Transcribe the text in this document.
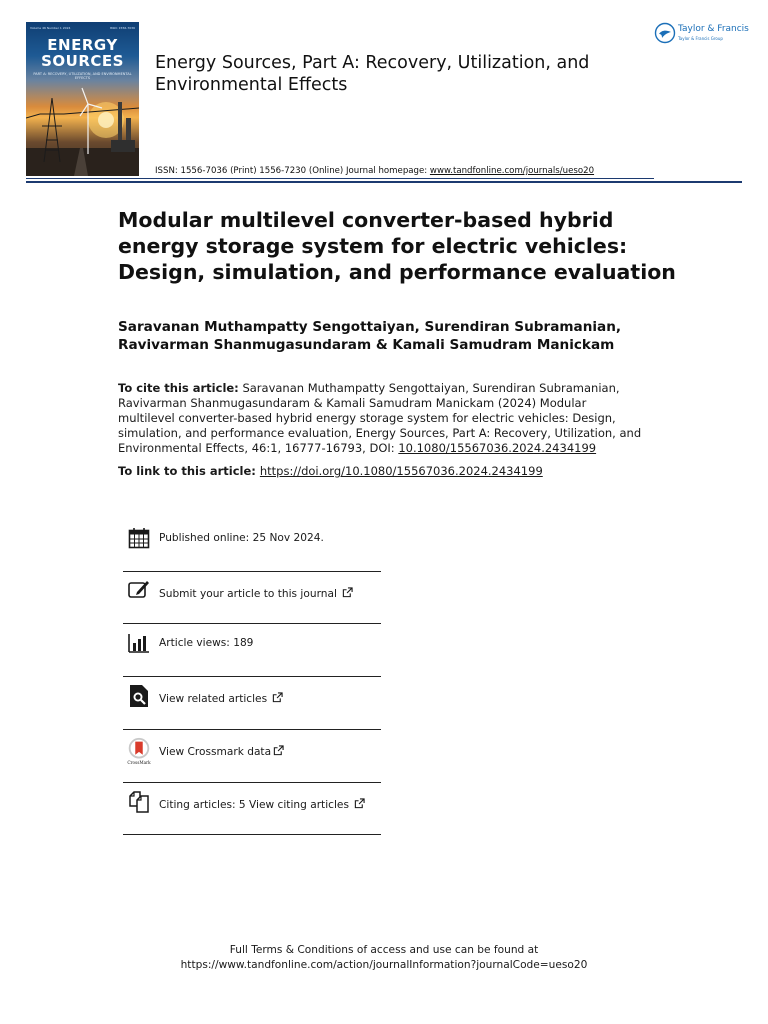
Volume 46 Number 1 2024	ISSN: 1556-7036
ENERGY
SOURCES
PART A: RECOVERY, UTILIZATION, AND ENVIRONMENTAL EFFECTS
Energy Sources, Part A: Recovery, Utilization, and Environmental Effects
Taylor & Francis
Taylor & Francis Group
ISSN: 1556-7036 (Print) 1556-7230 (Online) Journal homepage: www.tandfonline.com/journals/ueso20
Modular multilevel converter-based hybrid energy storage system for electric vehicles: Design, simulation, and performance evaluation
Saravanan Muthampatty Sengottaiyan, Surendiran Subramanian, Ravivarman Shanmugasundaram & Kamali Samudram Manickam
To cite this article: Saravanan Muthampatty Sengottaiyan, Surendiran Subramanian, Ravivarman Shanmugasundaram & Kamali Samudram Manickam (2024) Modular multilevel converter-based hybrid energy storage system for electric vehicles: Design, simulation, and performance evaluation, Energy Sources, Part A: Recovery, Utilization, and Environmental Effects, 46:1, 16777-16793, DOI: 10.1080/15567036.2024.2434199
To link to this article: https://doi.org/10.1080/15567036.2024.2434199
Published online: 25 Nov 2024.
Submit your article to this journal
Article views: 189
View related articles
CrossMark
View Crossmark data
Citing articles: 5 View citing articles
Full Terms & Conditions of access and use can be found at
https://www.tandfonline.com/action/journalInformation?journalCode=ueso20
